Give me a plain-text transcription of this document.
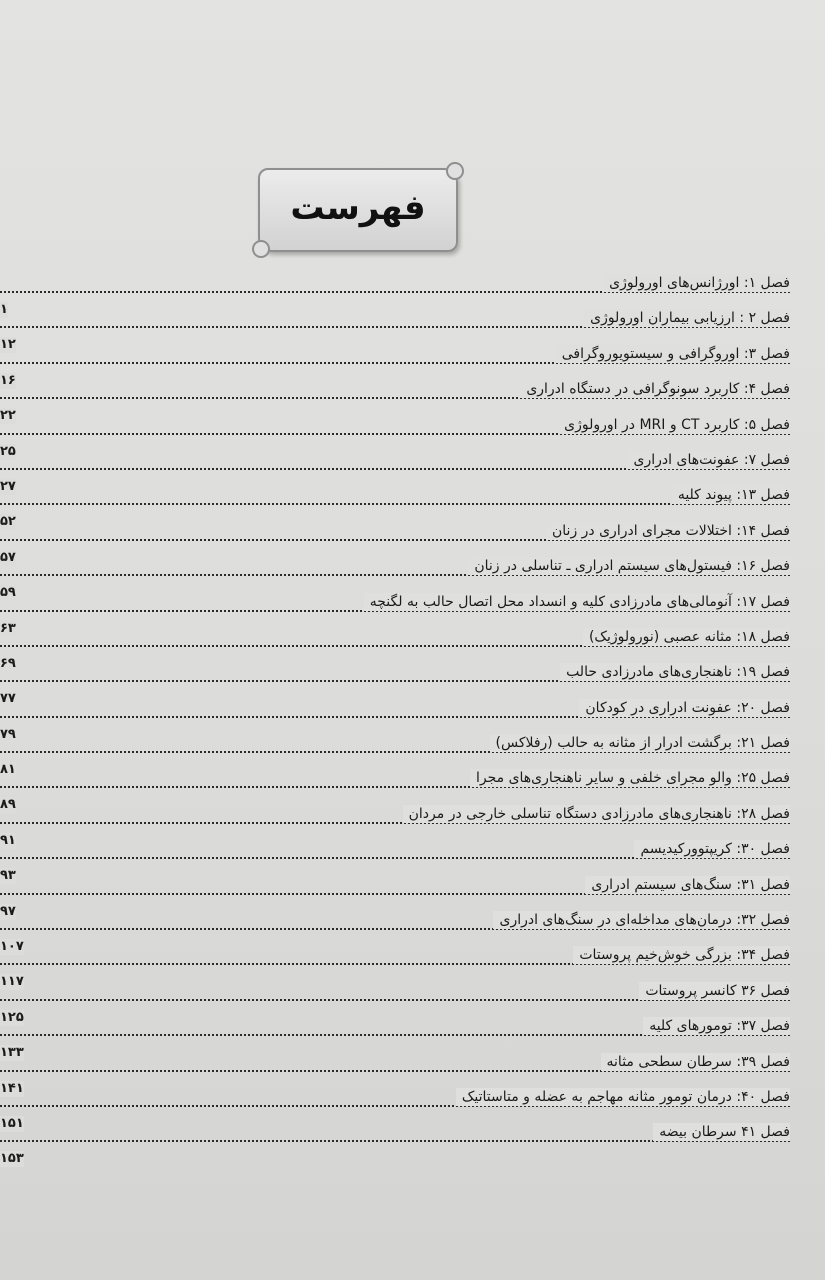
فهرست
فصل ۱: اورژانس‌های اورولوژی
۱
فصل ۲ : ارزیابی بیماران اورولوژی
۱۲
فصل ۳: اوروگرافی و سیستویوروگرافی
۱۶
فصل ۴: کاربرد سونوگرافی در دستگاه ادراری
۲۲
فصل ۵: کاربرد CT و MRI در اورولوژی
۲۵
فصل ۷: عفونت‌های ادراری
۲۷
فصل ۱۳: پیوند کلیه
۵۲
فصل ۱۴: اختلالات مجرای ادراری در زنان
۵۷
فصل ۱۶: فیستول‌های سیستم ادراری ـ تناسلی در زنان
۵۹
فصل ۱۷: آنومالی‌های مادرزادی کلیه و انسداد محل اتصال حالب به لگنچه
۶۳
فصل ۱۸: مثانه عصبی (نورولوژیک)
۶۹
فصل ۱۹: ناهنجاری‌های مادرزادی حالب
۷۷
فصل ۲۰: عفونت ادراری در کودکان
۷۹
فصل ۲۱: برگشت ادرار از مثانه به حالب (رفلاکس)
۸۱
فصل ۲۵: والو مجرای خلفی و سایر ناهنجاری‌های مجرا
۸۹
فصل ۲۸: ناهنجاری‌های مادرزادی دستگاه تناسلی خارجی در مردان
۹۱
فصل ۳۰: کریپتوورکیدیسم
۹۳
فصل ۳۱: سنگ‌های سیستم ادراری
۹۷
فصل ۳۲: درمان‌های مداخله‌ای در سنگ‌های ادراری
۱۰۷
فصل ۳۴: بزرگی خوش‌خیم پروستات
۱۱۷
فصل ۳۶ کانسر پروستات
۱۲۵
فصل ۳۷: تومورهای کلیه
۱۳۳
فصل ۳۹: سرطان سطحی مثانه
۱۴۱
فصل ۴۰: درمان تومور مثانه مهاجم به عضله و متاستاتیک
۱۵۱
فصل ۴۱ سرطان بیضه
۱۵۳
